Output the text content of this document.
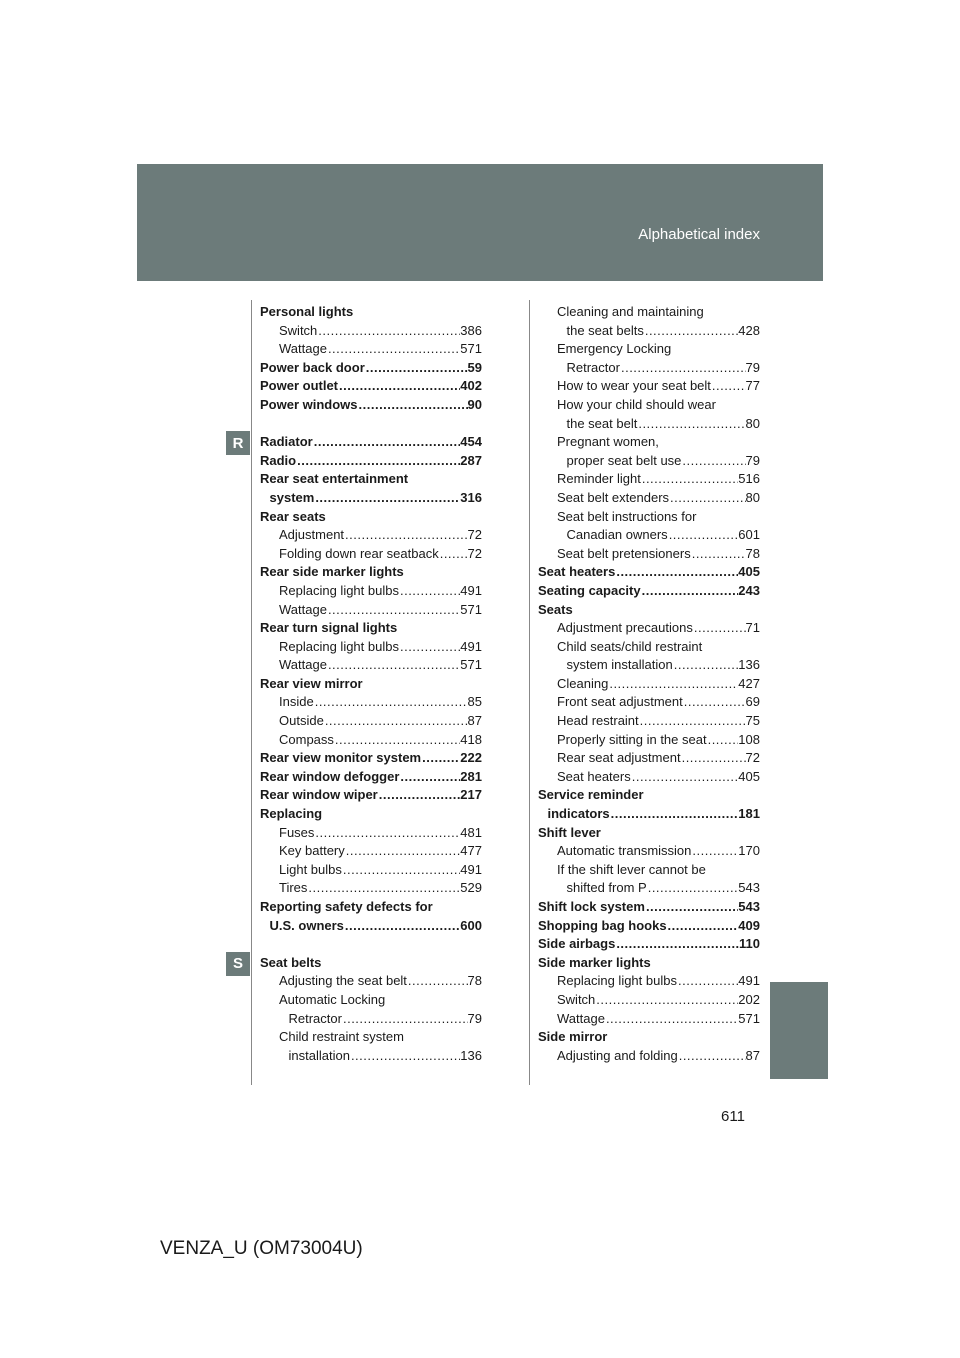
Alphabetical index
R
S
Personal lights
Switch .....	386
Wattage .....	571
Power back door .....	59
Power outlet .....	402
Power windows .....	90
Radiator .....	454
Radio .....	287
Rear seat entertainment
system .....	316
Rear seats
Adjustment .....	72
Folding down rear seatback ..... 72
Rear side marker lights
Replacing light bulbs .....	491
Wattage .....	571
Rear turn signal lights
Replacing light bulbs .....	491
Wattage .....	571
Rear view mirror
Inside .....	85
Outside .....	87
Compass .....	418
Rear view monitor system .....	222
Rear window defogger .....	281
Rear window wiper .....	217
Replacing
Fuses .....	481
Key battery .....	477
Light bulbs .....	491
Tires .....	529
Reporting safety defects for
U.S. owners .....	600
Seat belts
Adjusting the seat belt .....	78
Automatic Locking
Retractor .....	79
Child restraint system
installation .....	136
Cleaning and maintaining
the seat belts .....	428
Emergency Locking
Retractor .....	79
How to wear your seat belt .....	77
How your child should wear
the seat belt .....	80
Pregnant women,
proper seat belt use .....	79
Reminder light .....	516
Seat belt extenders .....	80
Seat belt instructions for
Canadian owners .....	601
Seat belt pretensioners .....	78
Seat heaters .....	405
Seating capacity .....	243
Seats
Adjustment precautions .....	71
Child seats/child restraint
system installation .....	136
Cleaning .....	427
Front seat adjustment .....	69
Head restraint .....	75
Properly sitting in the seat ..... 108
Rear seat adjustment .....	72
Seat heaters .....	405
Service reminder
indicators .....	181
Shift lever
Automatic transmission .....	170
If the shift lever cannot be
shifted from P .....	543
Shift lock system .....	543
Shopping bag hooks .....	409
Side airbags .....	110
Side marker lights
Replacing light bulbs .....	491
Switch .....	202
Wattage .....	571
Side mirror
Adjusting and folding .....	87
611
VENZA_U (OM73004U)
